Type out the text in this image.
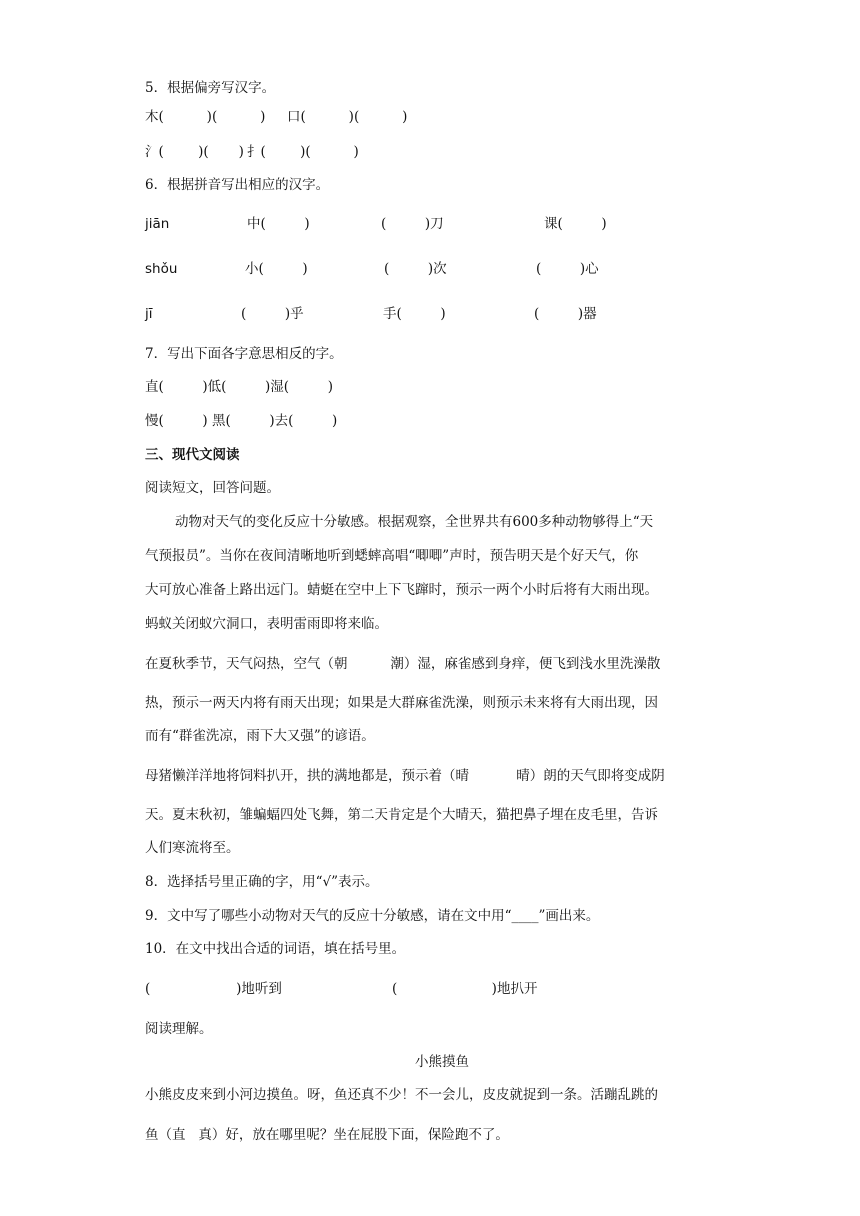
5．根据偏旁写汉字。
木(          )(          ) 口(          )(          )
氵(        )(       ) 扌(        )(          )
6．根据拼音写出相应的汉字。
jiān	中(         )	(         )刀	课(         )
shǒu	小(         )	(         )次	(         )心
jī	(         )乎	手(         )	(         )器
7．写出下面各字意思相反的字。
直(         )低(         )湿(         )
慢(         ) 黑(         )去(         )
三、现代文阅读
阅读短文，回答问题。
动物对天气的变化反应十分敏感。根据观察，全世界共有600多种动物够得上“天
气预报员”。当你在夜间清晰地听到蟋蟀高唱“唧唧”声时，预告明天是个好天气，你
大可放心准备上路出远门。蜻蜓在空中上下飞蹿时，预示一两个小时后将有大雨出现。
蚂蚁关闭蚁穴洞口，表明雷雨即将来临。
在夏秋季节，天气闷热，空气（朝          潮）湿，麻雀感到身痒，便飞到浅水里洗澡散
热，预示一两天内将有雨天出现；如果是大群麻雀洗澡，则预示未来将有大雨出现，因
而有“群雀洗凉，雨下大又强”的谚语。
母猪懒洋洋地将饲料扒开，拱的满地都是，预示着（晴           晴）朗的天气即将变成阴
天。夏末秋初，雏蝙蝠四处飞舞，第二天肯定是个大晴天，猫把鼻子埋在皮毛里，告诉
人们寒流将至。
8．选择括号里正确的字，用“√”表示。
9．文中写了哪些小动物对天气的反应十分敏感，请在文中用“____”画出来。
10．在文中找出合适的词语，填在括号里。
(                    )地听到	(                      )地扒开
阅读理解。
小熊摸鱼
小熊皮皮来到小河边摸鱼。呀，鱼还真不少！不一会儿，皮皮就捉到一条。活蹦乱跳的
鱼（直   真）好，放在哪里呢？坐在屁股下面，保险跑不了。
